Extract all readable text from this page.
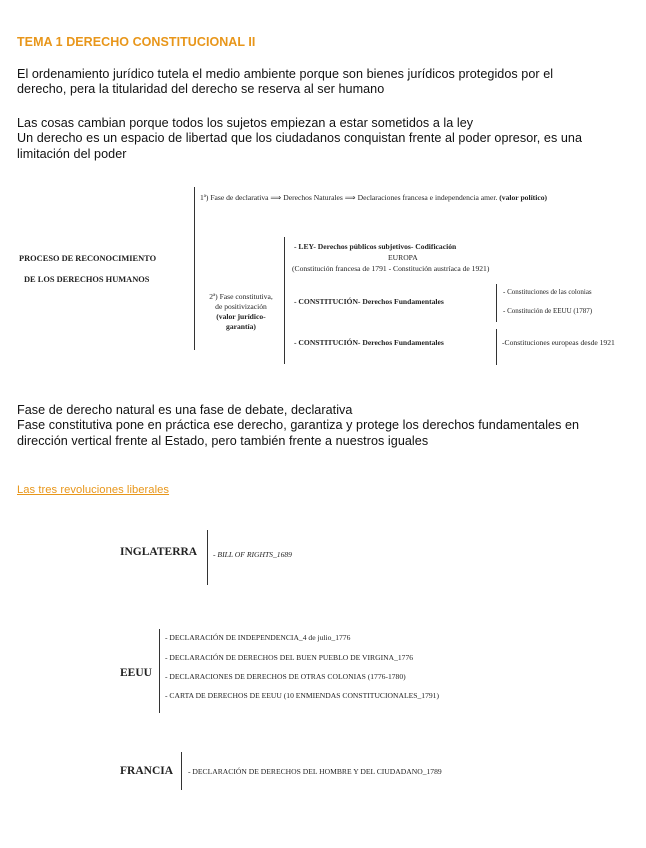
TEMA 1 DERECHO CONSTITUCIONAL II
El ordenamiento jurídico tutela el medio ambiente porque son bienes jurídicos protegidos por el
derecho, pera la titularidad del derecho se reserva al ser humano
Las cosas cambian porque todos los sujetos empiezan a estar sometidos a la ley
Un derecho es un espacio de libertad que los ciudadanos conquistan frente al poder opresor, es una
limitación del poder
PROCESO DE RECONOCIMIENTO
DE LOS DERECHOS HUMANOS
1ª) Fase de declarativa ⟹ Derechos Naturales ⟹ Declaraciones francesa e independencia amer. (valor político)
2ª) Fase constitutiva,
de positivización
(valor jurídico-
garantía)
- LEY- Derechos públicos subjetivos- Codificación
EUROPA
(Constitución francesa de 1791 - Constitución austríaca de 1921)
- CONSTITUCIÓN- Derechos Fundamentales
- Constituciones de las colonias
- Constitución de EEUU (1787)
- CONSTITUCIÓN- Derechos Fundamentales	-Constituciones europeas desde 1921
Fase de derecho natural es una fase de debate, declarativa
Fase constitutiva pone en práctica ese derecho, garantiza y protege los derechos fundamentales en
dirección vertical frente al Estado, pero también frente a nuestros iguales
Las tres revoluciones liberales
INGLATERRA - BILL OF RIGHTS_1689
EEUU
- DECLARACIÓN DE INDEPENDENCIA_4 de julio_1776
- DECLARACIÓN DE DERECHOS DEL BUEN PUEBLO DE VIRGINA_1776
- DECLARACIONES DE DERECHOS DE OTRAS COLONIAS (1776-1780)
- CARTA DE DERECHOS DE EEUU (10 ENMIENDAS CONSTITUCIONALES_1791)
FRANCIA - DECLARACIÓN DE DERECHOS DEL HOMBRE Y DEL CIUDADANO_1789
